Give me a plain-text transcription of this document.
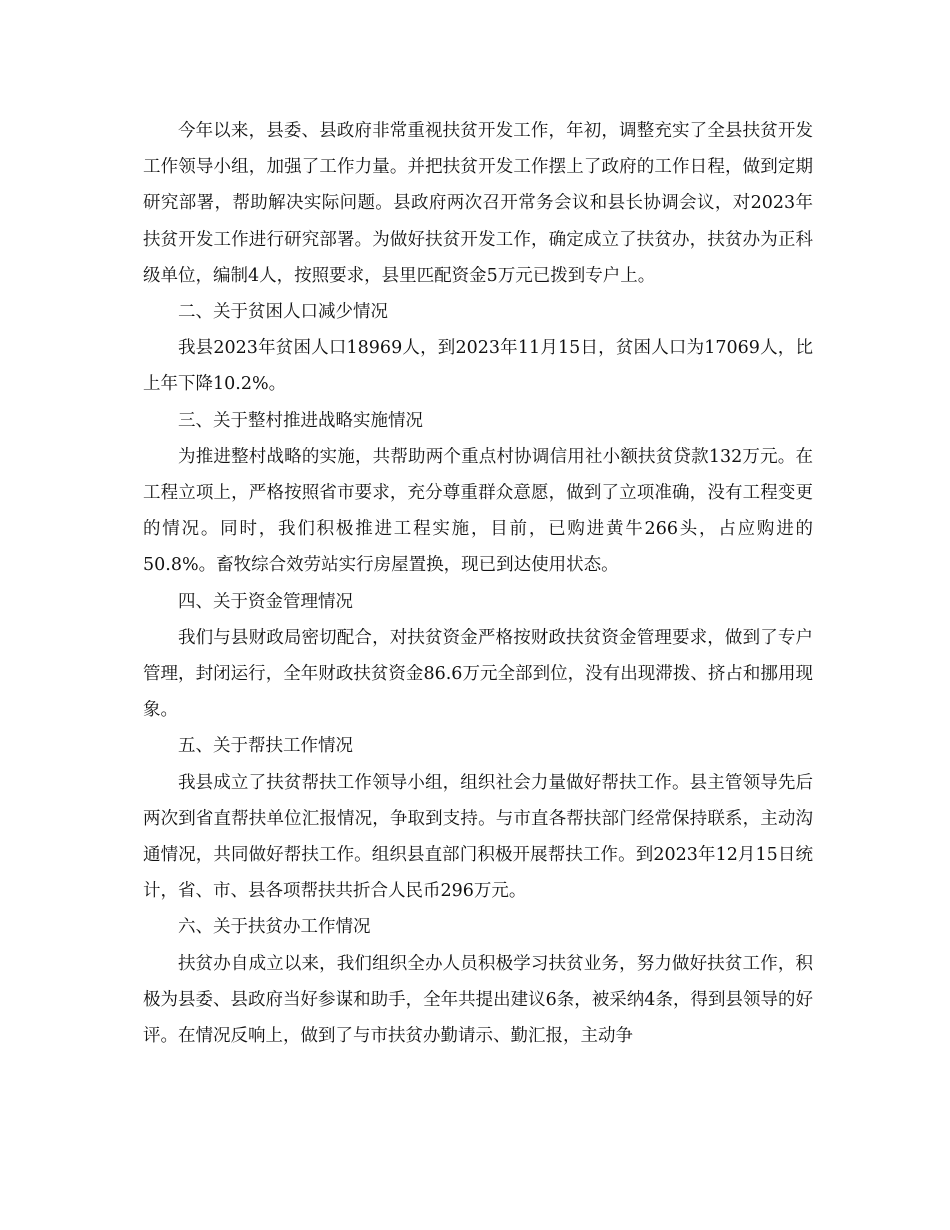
今年以来，县委、县政府非常重视扶贫开发工作，年初，调整充实了全县扶贫开发工作领导小组，加强了工作力量。并把扶贫开发工作摆上了政府的工作日程，做到定期研究部署，帮助解决实际问题。县政府两次召开常务会议和县长协调会议，对2023年扶贫开发工作进行研究部署。为做好扶贫开发工作，确定成立了扶贫办，扶贫办为正科级单位，编制4人，按照要求，县里匹配资金5万元已拨到专户上。

二、关于贫困人口减少情况

我县2023年贫困人口18969人，到2023年11月15日，贫困人口为17069人，比上年下降10.2%。

三、关于整村推进战略实施情况

为推进整村战略的实施，共帮助两个重点村协调信用社小额扶贫贷款132万元。在工程立项上，严格按照省市要求，充分尊重群众意愿，做到了立项准确，没有工程变更的情况。同时，我们积极推进工程实施，目前，已购进黄牛266头，占应购进的50.8%。畜牧综合效劳站实行房屋置换，现已到达使用状态。

四、关于资金管理情况

我们与县财政局密切配合，对扶贫资金严格按财政扶贫资金管理要求，做到了专户管理，封闭运行，全年财政扶贫资金86.6万元全部到位，没有出现滞拨、挤占和挪用现象。

五、关于帮扶工作情况

我县成立了扶贫帮扶工作领导小组，组织社会力量做好帮扶工作。县主管领导先后两次到省直帮扶单位汇报情况，争取到支持。与市直各帮扶部门经常保持联系，主动沟通情况，共同做好帮扶工作。组织县直部门积极开展帮扶工作。到2023年12月15日统计，省、市、县各项帮扶共折合人民币296万元。

六、关于扶贫办工作情况

扶贫办自成立以来，我们组织全办人员积极学习扶贫业务，努力做好扶贫工作，积极为县委、县政府当好参谋和助手，全年共提出建议6条，被采纳4条，得到县领导的好评。在情况反响上，做到了与市扶贫办勤请示、勤汇报，主动争
